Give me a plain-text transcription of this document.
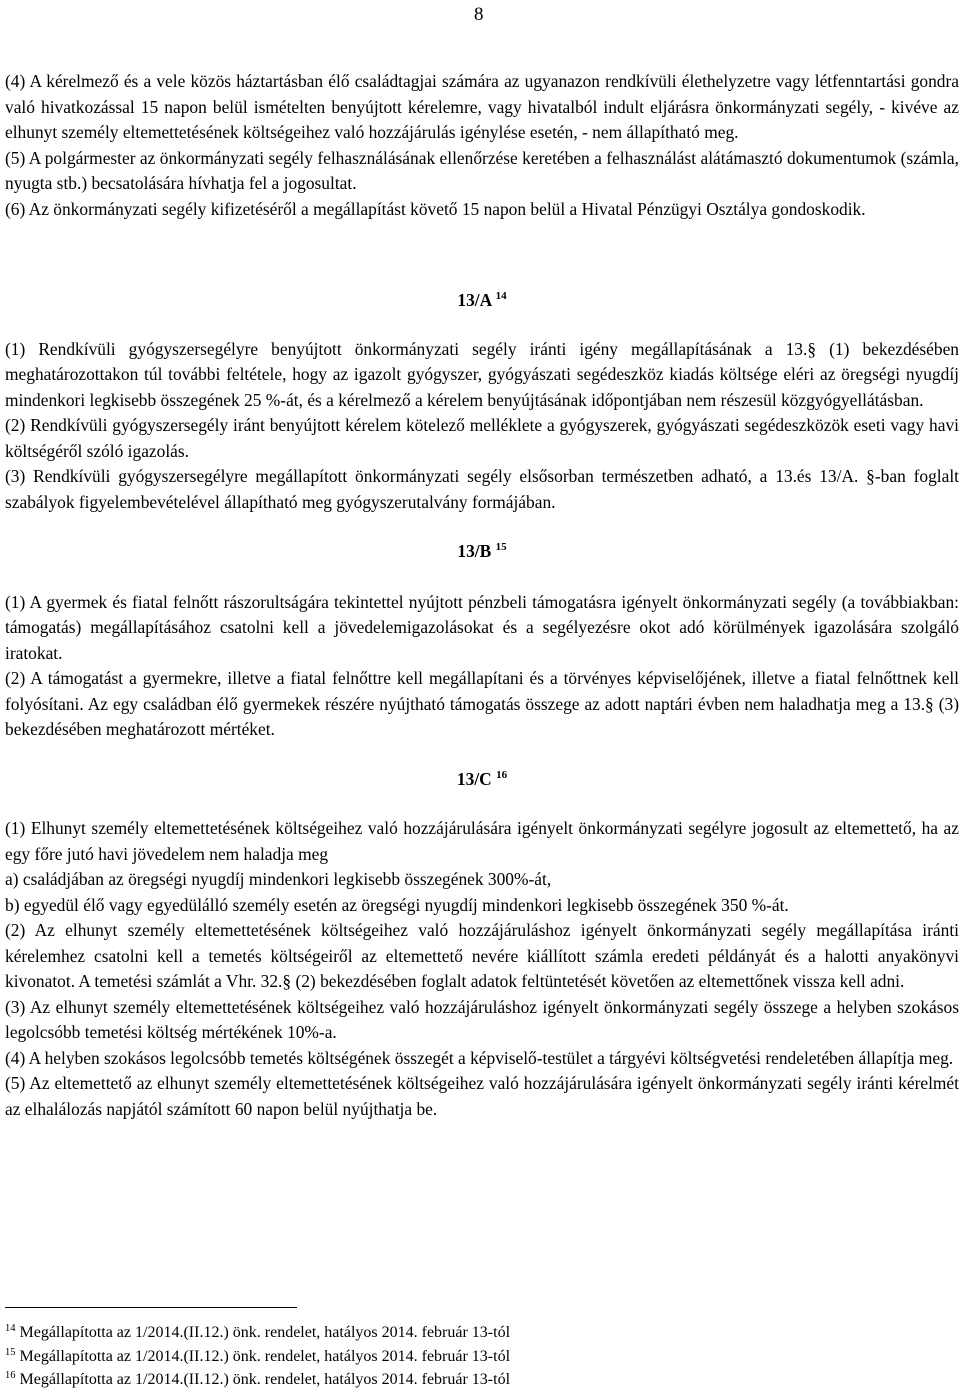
8

(4) A kérelmező és a vele közös háztartásban élő családtagjai számára az ugyanazon rendkívüli élethelyzetre vagy létfenntartási gondra való hivatkozással 15 napon belül ismételten benyújtott kérelemre, vagy hivatalból indult eljárásra önkormányzati segély, - kivéve az elhunyt személy eltemettetésének költségeihez való hozzájárulás igénylése esetén, - nem állapítható meg.

(5) A polgármester az önkormányzati segély felhasználásának ellenőrzése keretében a felhasználást alátámasztó dokumentumok (számla, nyugta stb.) becsatolására hívhatja fel a jogosultat.

(6) Az önkormányzati segély kifizetéséről a megállapítást követő 15 napon belül a Hivatal Pénzügyi Osztálya gondoskodik.

13/A $^{14}$

(1) Rendkívüli gyógyszersegélyre benyújtott önkormányzati segély iránti igény megállapításának a 13.§ (1) bekezdésében meghatározottakon túl további feltétele, hogy az igazolt gyógyszer, gyógyászati segédeszköz kiadás költsége eléri az öregségi nyugdíj mindenkori legkisebb összegének 25 %-át, és a kérelmező a kérelem benyújtásának időpontjában nem részesül közgyógyellátásban.

(2) Rendkívüli gyógyszersegély iránt benyújtott kérelem kötelező melléklete a gyógyszerek, gyógyászati segédeszközök eseti vagy havi költségéről szóló igazolás.

(3) Rendkívüli gyógyszersegélyre megállapított önkormányzati segély elsősorban természetben adható, a 13.és 13/A. §-ban foglalt szabályok figyelembevételével állapítható meg gyógyszerutalvány formájában.

13/B $^{15}$

(1) A gyermek és fiatal felnőtt rászorultságára tekintettel nyújtott pénzbeli támogatásra igényelt önkormányzati segély (a továbbiakban: támogatás) megállapításához csatolni kell a jövedelemigazolásokat és a segélyezésre okot adó körülmények igazolására szolgáló iratokat.

(2) A támogatást a gyermekre, illetve a fiatal felnőttre kell megállapítani és a törvényes képviselőjének, illetve a fiatal felnőttnek kell folyósítani. Az egy családban élő gyermekek részére nyújtható támogatás összege az adott naptári évben nem haladhatja meg a 13.§ (3) bekezdésében meghatározott mértéket.

13/C $^{16}$

(1) Elhunyt személy eltemettetésének költségeihez való hozzájárulására igényelt önkormányzati segélyre jogosult az eltemettető, ha az egy főre jutó havi jövedelem nem haladja meg

a) családjában az öregségi nyugdíj mindenkori legkisebb összegének 300%-át,

b) egyedül élő vagy egyedülálló személy esetén az öregségi nyugdíj mindenkori legkisebb összegének 350 %-át.

(2) Az elhunyt személy eltemettetésének költségeihez való hozzájáruláshoz igényelt önkormányzati segély megállapítása iránti kérelemhez csatolni kell a temetés költségeiről az eltemettető nevére kiállított számla eredeti példányát és a halotti anyakönyvi kivonatot. A temetési számlát a Vhr. 32.§ (2) bekezdésében foglalt adatok feltüntetését követően az eltemettőnek vissza kell adni.

(3) Az elhunyt személy eltemettetésének költségeihez való hozzájáruláshoz igényelt önkormányzati segély összege a helyben szokásos legolcsóbb temetési költség mértékének 10%-a.

(4) A helyben szokásos legolcsóbb temetés költségének összegét a képviselő-testület a tárgyévi költségvetési rendeletében állapítja meg.

(5) Az eltemettető az elhunyt személy eltemettetésének költségeihez való hozzájárulására igényelt önkormányzati segély iránti kérelmét az elhalálozás napjától számított 60 napon belül nyújthatja be.

$^{14}$ Megállapította az 1/2014.(II.12.) önk. rendelet, hatályos 2014. február 13-tól
$^{15}$ Megállapította az 1/2014.(II.12.) önk. rendelet, hatályos 2014. február 13-tól
$^{16}$ Megállapította az 1/2014.(II.12.) önk. rendelet, hatályos 2014. február 13-tól
